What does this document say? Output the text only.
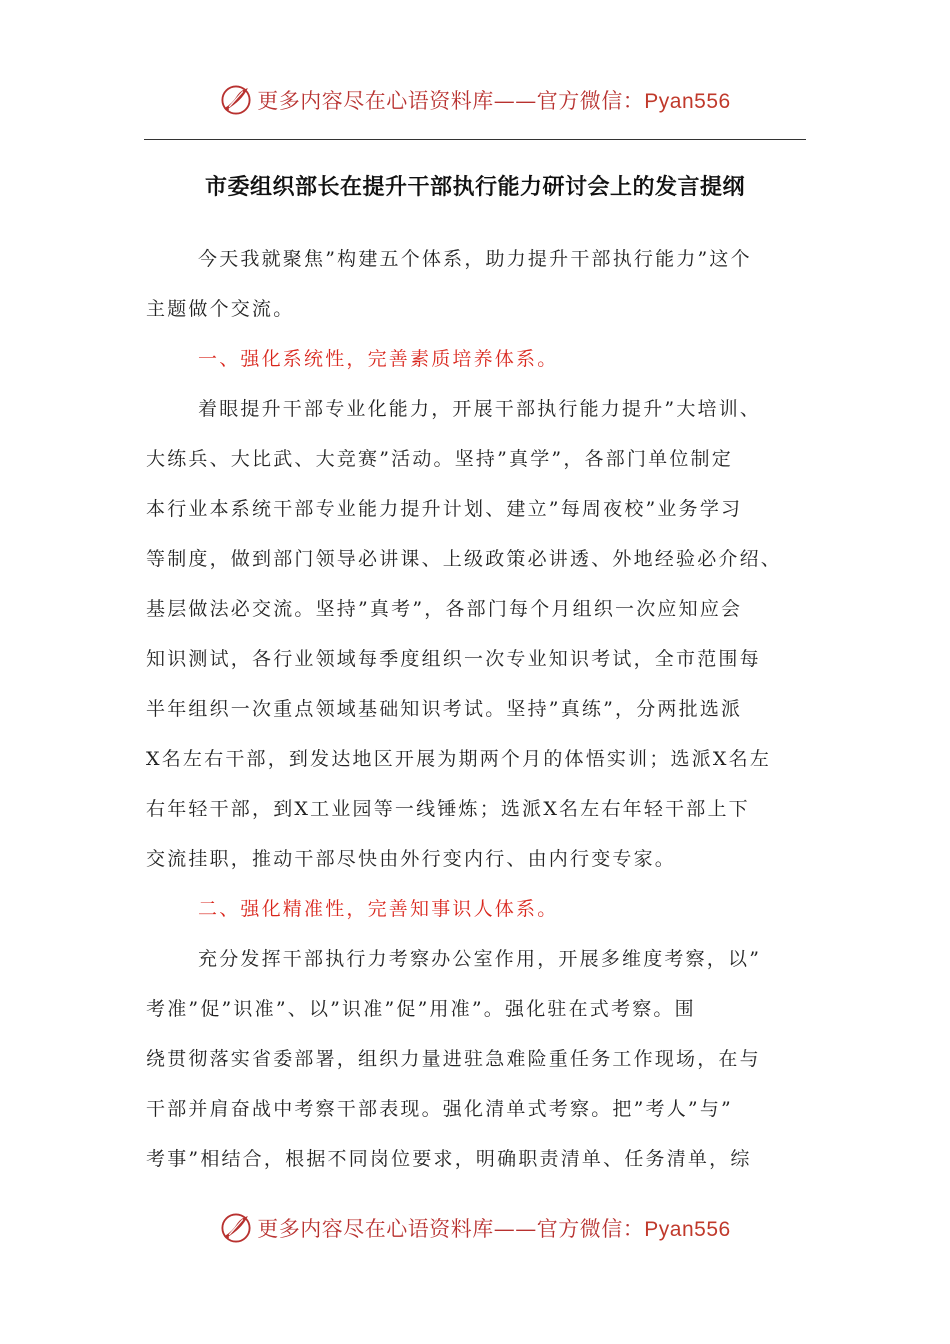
更多内容尽在心语资料库——官方微信：Pyan556
市委组织部长在提升干部执行能力研讨会上的发言提纲
今天我就聚焦”构建五个体系，助力提升干部执行能力”这个
主题做个交流。
一、强化系统性，完善素质培养体系。
着眼提升干部专业化能力，开展干部执行能力提升”大培训、
大练兵、大比武、大竞赛”活动。坚持”真学”，各部门单位制定
本行业本系统干部专业能力提升计划、建立”每周夜校”业务学习
等制度，做到部门领导必讲课、上级政策必讲透、外地经验必介绍、
基层做法必交流。坚持”真考”，各部门每个月组织一次应知应会
知识测试，各行业领域每季度组织一次专业知识考试，全市范围每
半年组织一次重点领域基础知识考试。坚持”真练”，分两批选派
X名左右干部，到发达地区开展为期两个月的体悟实训；选派X名左
右年轻干部，到X工业园等一线锤炼；选派X名左右年轻干部上下
交流挂职，推动干部尽快由外行变内行、由内行变专家。
二、强化精准性，完善知事识人体系。
充分发挥干部执行力考察办公室作用，开展多维度考察，以”
考准”促”识准”、以”识准”促”用准”。强化驻在式考察。围
绕贯彻落实省委部署，组织力量进驻急难险重任务工作现场，在与
干部并肩奋战中考察干部表现。强化清单式考察。把”考人”与”
考事”相结合，根据不同岗位要求，明确职责清单、任务清单，综
更多内容尽在心语资料库——官方微信：Pyan556
